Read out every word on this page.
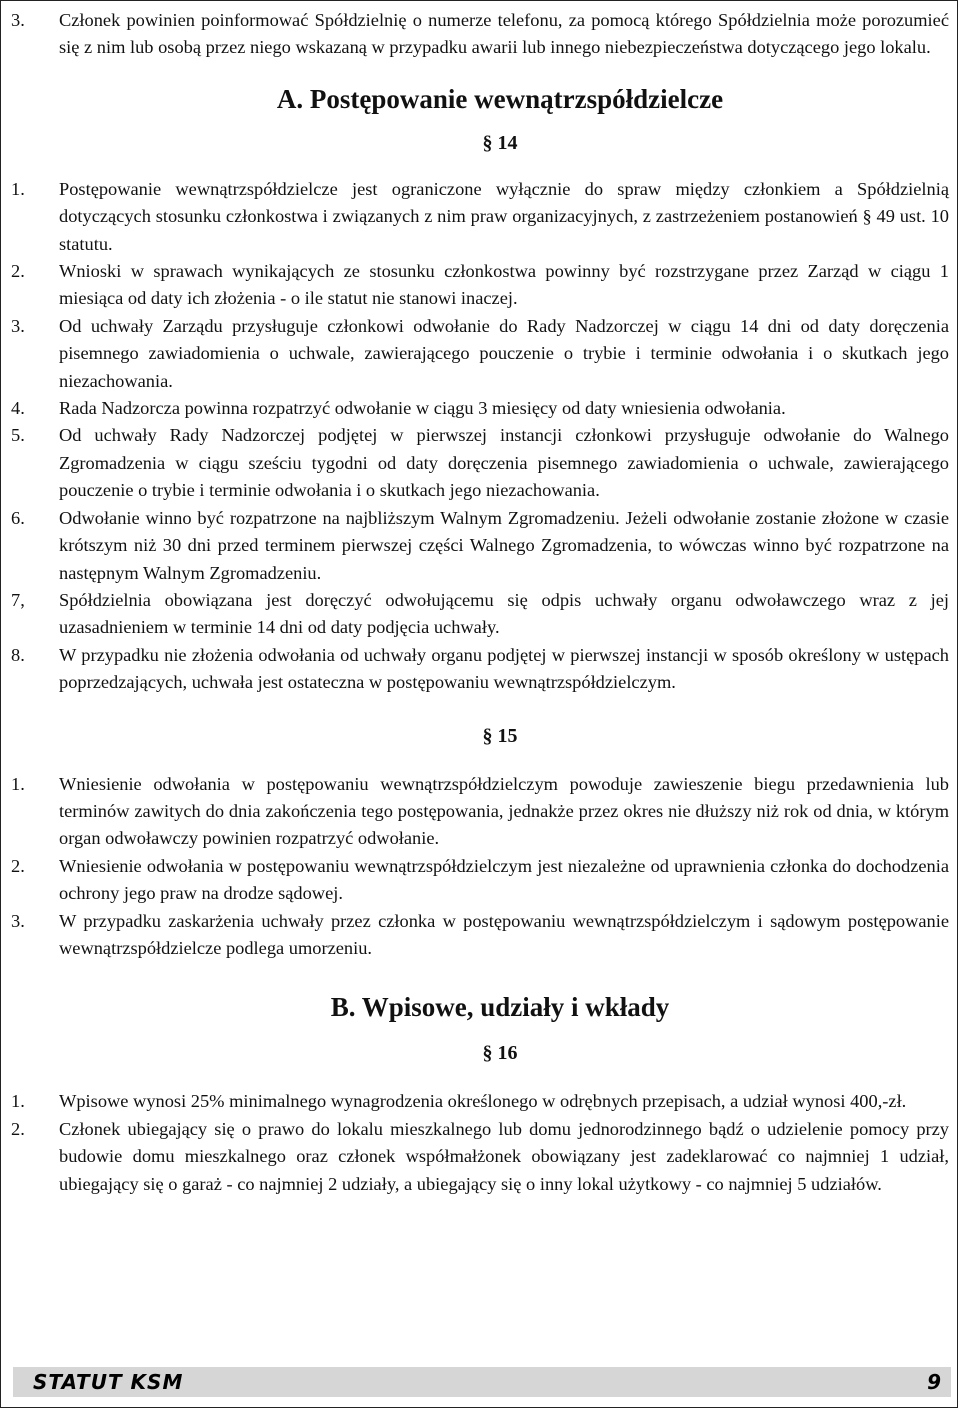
3.	Członek powinien poinformować Spółdzielnię o numerze telefonu, za pomocą którego Spółdzielnia może porozumieć się z nim lub osobą przez niego wskazaną w przypadku awarii lub innego niebezpieczeństwa dotyczącego jego lokalu.
A. Postępowanie wewnątrzspółdzielcze
§ 14
1.	Postępowanie wewnątrzspółdzielcze jest ograniczone wyłącznie do spraw między członkiem a Spółdzielnią dotyczących stosunku członkostwa i związanych z nim praw organizacyjnych, z zastrzeżeniem postanowień § 49 ust. 10 statutu.
2.	Wnioski w sprawach wynikających ze stosunku członkostwa powinny być rozstrzygane przez Zarząd w ciągu 1 miesiąca od daty ich złożenia - o ile statut nie stanowi inaczej.
3.	Od uchwały Zarządu przysługuje członkowi odwołanie do Rady Nadzorczej w ciągu 14 dni od daty doręczenia pisemnego zawiadomienia o uchwale, zawierającego pouczenie o trybie i terminie odwołania i o skutkach jego niezachowania.
4.	Rada Nadzorcza powinna rozpatrzyć odwołanie w ciągu 3 miesięcy od daty wniesienia odwołania.
5.	Od uchwały Rady Nadzorczej podjętej w pierwszej instancji członkowi przysługuje odwołanie do Walnego Zgromadzenia w ciągu sześciu tygodni od daty doręczenia pisemnego zawiadomienia o uchwale, zawierającego pouczenie o trybie i terminie odwołania i o skutkach jego niezachowania.
6.	Odwołanie winno być rozpatrzone na najbliższym Walnym Zgromadzeniu. Jeżeli odwołanie zostanie złożone w czasie krótszym niż 30 dni przed terminem pierwszej części Walnego Zgromadzenia, to wówczas winno być rozpatrzone na następnym Walnym Zgromadzeniu.
7,	Spółdzielnia obowiązana jest doręczyć odwołującemu się odpis uchwały organu odwoławczego wraz z jej uzasadnieniem w terminie 14 dni od daty podjęcia uchwały.
8.	W przypadku nie złożenia odwołania od uchwały organu podjętej w pierwszej instancji w sposób określony w ustępach poprzedzających, uchwała jest ostateczna w postępowaniu wewnątrzspółdzielczym.
§ 15
1.	Wniesienie odwołania w postępowaniu wewnątrzspółdzielczym powoduje zawieszenie biegu przedawnienia lub terminów zawitych do dnia zakończenia tego postępowania, jednakże przez okres nie dłuższy niż rok od dnia, w którym organ odwoławczy powinien rozpatrzyć odwołanie.
2.	Wniesienie odwołania w postępowaniu wewnątrzspółdzielczym jest niezależne od uprawnienia członka do dochodzenia ochrony jego praw na drodze sądowej.
3.	W przypadku zaskarżenia uchwały przez członka w postępowaniu wewnątrzspółdzielczym i sądowym postępowanie wewnątrzspółdzielcze podlega umorzeniu.
B. Wpisowe, udziały i wkłady
§ 16
1.	Wpisowe wynosi 25% minimalnego wynagrodzenia określonego w odrębnych przepisach, a udział wynosi 400,-zł.
2.	Członek ubiegający się o prawo do lokalu mieszkalnego lub domu jednorodzinnego bądź o udzielenie pomocy przy budowie domu mieszkalnego oraz członek współmałżonek obowiązany jest zadeklarować co najmniej 1 udział, ubiegający się o garaż - co najmniej 2 udziały, a ubiegający się o inny lokal użytkowy - co najmniej 5 udziałów.
STATUT KSM	9
